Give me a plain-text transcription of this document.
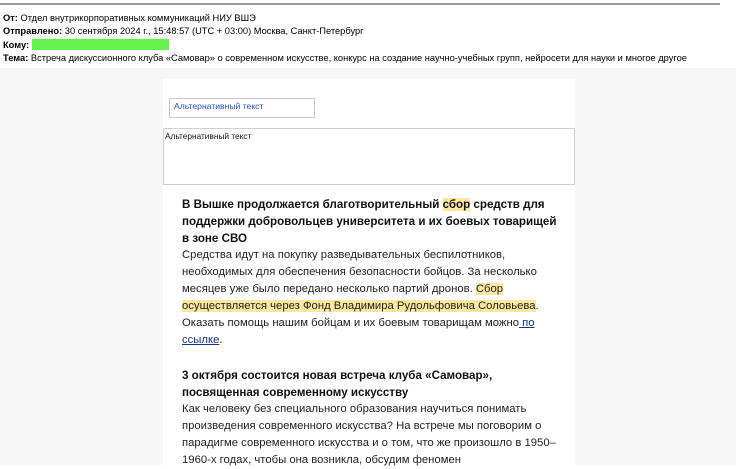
От: Отдел внутрикорпоративных коммуникаций НИУ ВШЭ
Отправлено: 30 сентября 2024 г., 15:48:57 (UTC + 03:00) Москва, Санкт-Петербург
Кому:
Тема: Встреча дискуссионного клуба «Самовар» о современном искусстве, конкурс на создание научно-учебных групп, нейросети для науки и многое другое
Альтернативный текст
Альтернативный текст
В Вышке продолжается благотворительный сбор средств для поддержки добровольцев университета и их боевых товарищей в зоне СВО

Средства идут на покупку разведывательных беспилотников, необходимых для обеспечения безопасности бойцов. За несколько месяцев уже было передано несколько партий дронов. Сбор осуществляется через Фонд Владимира Рудольфовича Соловьева. Оказать помощь нашим бойцам и их боевым товарищам можно по ссылке.

3 октября состоится новая встреча клуба «Самовар», посвященная современному искусству

Как человеку без специального образования научиться понимать произведения современного искусства? На встрече мы поговорим о парадигме современного искусства и о том, что же произошло в 1950–1960-х годах, чтобы она возникла, обсудим феномен
